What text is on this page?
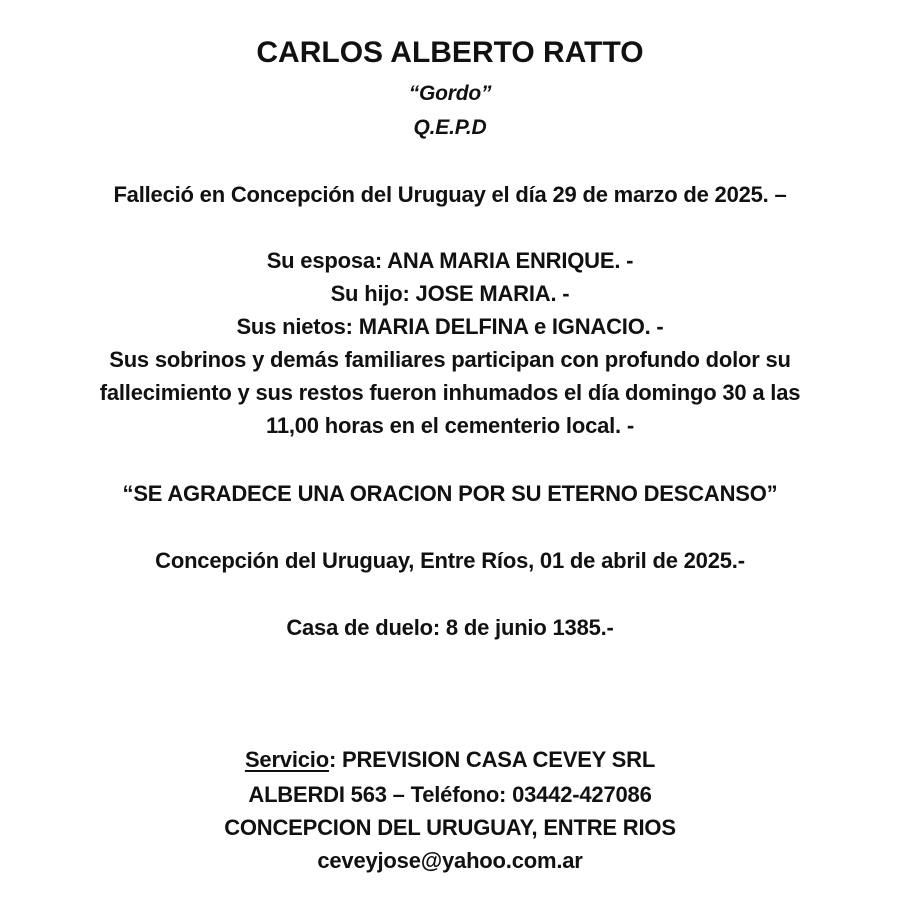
CARLOS ALBERTO RATTO
“Gordo”
Q.E.P.D
Falleció en Concepción del Uruguay el día 29 de marzo de 2025. –
Su esposa: ANA MARIA ENRIQUE. -
Su hijo: JOSE MARIA. -
Sus nietos: MARIA DELFINA e IGNACIO. -
Sus sobrinos y demás familiares participan con profundo dolor su
fallecimiento y sus restos fueron inhumados el día domingo 30 a las
11,00 horas en el cementerio local. -
“SE AGRADECE UNA ORACION POR SU ETERNO DESCANSO”
Concepción del Uruguay, Entre Ríos, 01 de abril de 2025.-
Casa de duelo: 8 de junio 1385.-
Servicio: PREVISION CASA CEVEY SRL
ALBERDI 563 – Teléfono: 03442-427086
CONCEPCION DEL URUGUAY, ENTRE RIOS
ceveyjose@yahoo.com.ar
